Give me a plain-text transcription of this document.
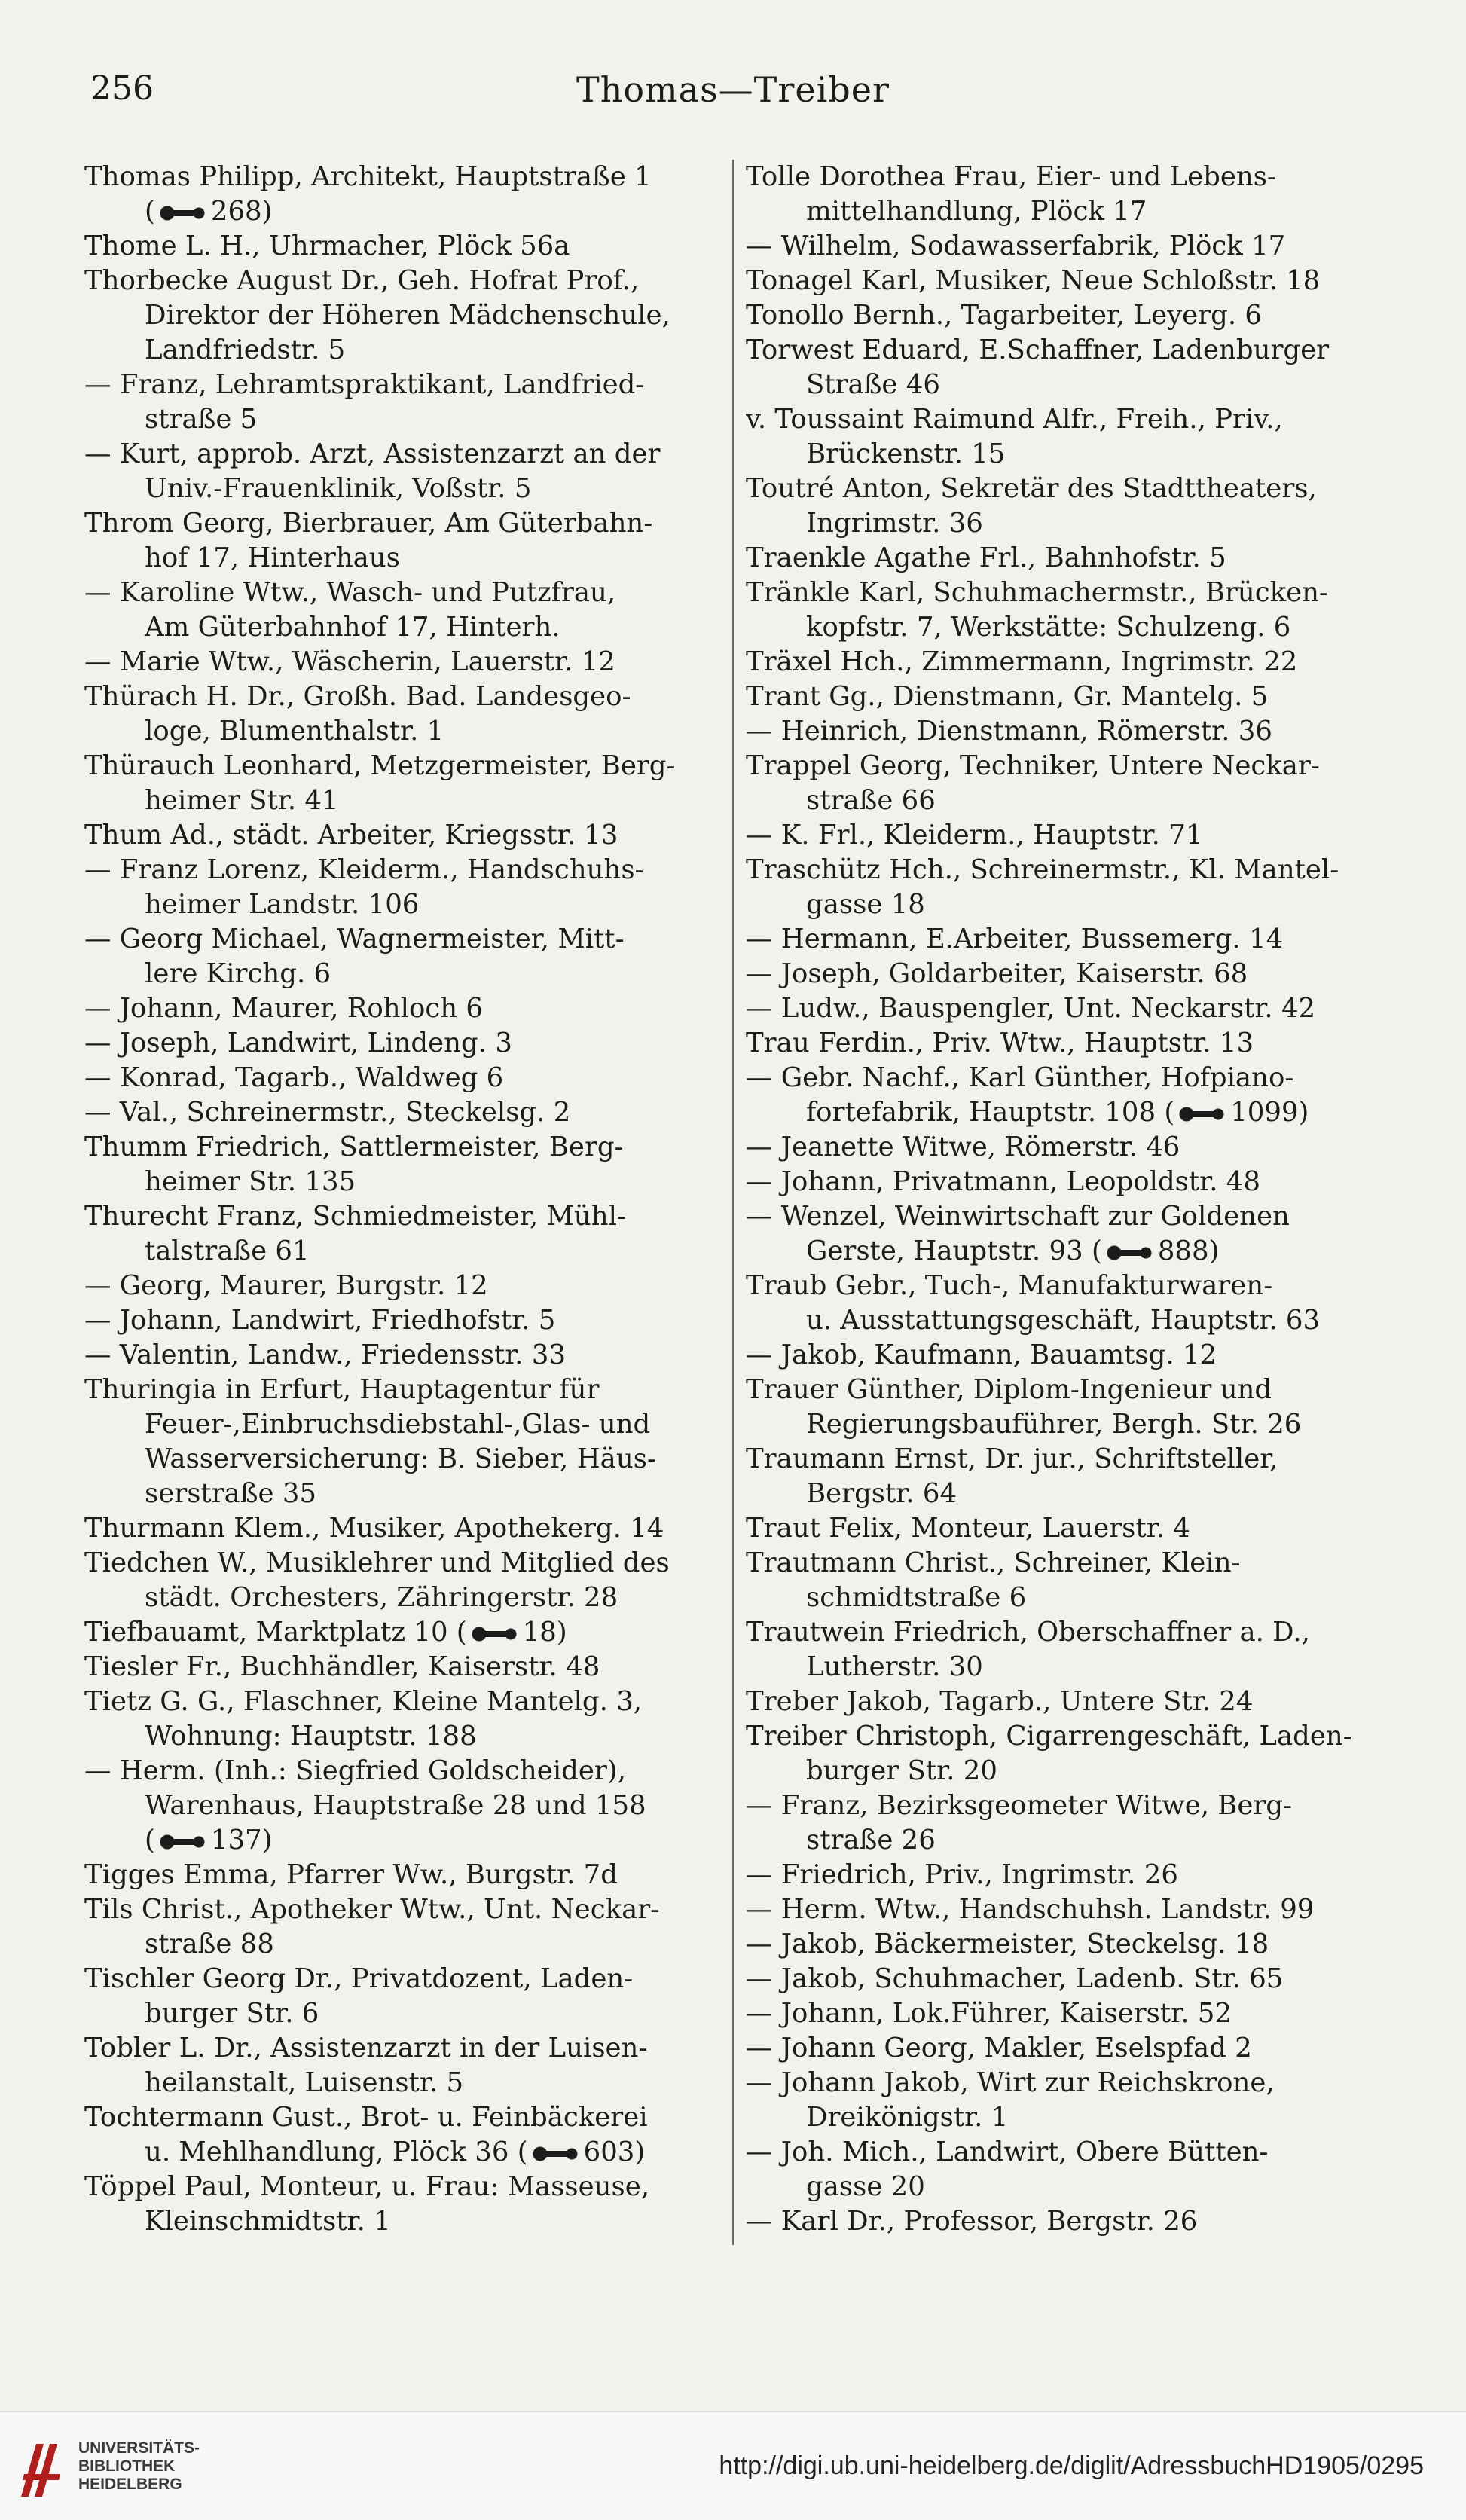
256	Thomas—Treiber
Thomas Philipp, Architekt, Hauptstraße 1
( 268)
Thome L. H., Uhrmacher, Plöck 56a
Thorbecke August Dr., Geh. Hofrat Prof.,
Direktor der Höheren Mädchenschule,
Landfriedstr. 5
— Franz, Lehramtspraktikant, Landfried-
straße 5
— Kurt, approb. Arzt, Assistenzarzt an der
Univ.-Frauenklinik, Voßstr. 5
Throm Georg, Bierbrauer, Am Güterbahn-
hof 17, Hinterhaus
— Karoline Wtw., Wasch- und Putzfrau,
Am Güterbahnhof 17, Hinterh.
— Marie Wtw., Wäscherin, Lauerstr. 12
Thürach H. Dr., Großh. Bad. Landesgeo-
loge, Blumenthalstr. 1
Thürauch Leonhard, Metzgermeister, Berg-
heimer Str. 41
Thum Ad., städt. Arbeiter, Kriegsstr. 13
— Franz Lorenz, Kleiderm., Handschuhs-
heimer Landstr. 106
— Georg Michael, Wagnermeister, Mitt-
lere Kirchg. 6
— Johann, Maurer, Rohloch 6
— Joseph, Landwirt, Lindeng. 3
— Konrad, Tagarb., Waldweg 6
— Val., Schreinermstr., Steckelsg. 2
Thumm Friedrich, Sattlermeister, Berg-
heimer Str. 135
Thurecht Franz, Schmiedmeister, Mühl-
talstraße 61
— Georg, Maurer, Burgstr. 12
— Johann, Landwirt, Friedhofstr. 5
— Valentin, Landw., Friedensstr. 33
Thuringia in Erfurt, Hauptagentur für
Feuer-,Einbruchsdiebstahl-,Glas- und
Wasserversicherung: B. Sieber, Häus-
serstraße 35
Thurmann Klem., Musiker, Apothekerg. 14
Tiedchen W., Musiklehrer und Mitglied des
städt. Orchesters, Zähringerstr. 28
Tiefbauamt, Marktplatz 10 ( 18)
Tiesler Fr., Buchhändler, Kaiserstr. 48
Tietz G. G., Flaschner, Kleine Mantelg. 3,
Wohnung: Hauptstr. 188
— Herm. (Inh.: Siegfried Goldscheider),
Warenhaus, Hauptstraße 28 und 158
( 137)
Tigges Emma, Pfarrer Ww., Burgstr. 7d
Tils Christ., Apotheker Wtw., Unt. Neckar-
straße 88
Tischler Georg Dr., Privatdozent, Laden-
burger Str. 6
Tobler L. Dr., Assistenzarzt in der Luisen-
heilanstalt, Luisenstr. 5
Tochtermann Gust., Brot- u. Feinbäckerei
u. Mehlhandlung, Plöck 36 ( 603)
Töppel Paul, Monteur, u. Frau: Masseuse,
Kleinschmidtstr. 1
Tolle Dorothea Frau, Eier- und Lebens-
mittelhandlung, Plöck 17
— Wilhelm, Sodawasserfabrik, Plöck 17
Tonagel Karl, Musiker, Neue Schloßstr. 18
Tonollo Bernh., Tagarbeiter, Leyerg. 6
Torwest Eduard, E.Schaffner, Ladenburger
Straße 46
v. Toussaint Raimund Alfr., Freih., Priv.,
Brückenstr. 15
Toutré Anton, Sekretär des Stadttheaters,
Ingrimstr. 36
Traenkle Agathe Frl., Bahnhofstr. 5
Tränkle Karl, Schuhmachermstr., Brücken-
kopfstr. 7, Werkstätte: Schulzeng. 6
Träxel Hch., Zimmermann, Ingrimstr. 22
Trant Gg., Dienstmann, Gr. Mantelg. 5
— Heinrich, Dienstmann, Römerstr. 36
Trappel Georg, Techniker, Untere Neckar-
straße 66
— K. Frl., Kleiderm., Hauptstr. 71
Traschütz Hch., Schreinermstr., Kl. Mantel-
gasse 18
— Hermann, E.Arbeiter, Bussemerg. 14
— Joseph, Goldarbeiter, Kaiserstr. 68
— Ludw., Bauspengler, Unt. Neckarstr. 42
Trau Ferdin., Priv. Wtw., Hauptstr. 13
— Gebr. Nachf., Karl Günther, Hofpiano-
fortefabrik, Hauptstr. 108 ( 1099)
— Jeanette Witwe, Römerstr. 46
— Johann, Privatmann, Leopoldstr. 48
— Wenzel, Weinwirtschaft zur Goldenen
Gerste, Hauptstr. 93 ( 888)
Traub Gebr., Tuch-, Manufakturwaren-
u. Ausstattungsgeschäft, Hauptstr. 63
— Jakob, Kaufmann, Bauamtsg. 12
Trauer Günther, Diplom-Ingenieur und
Regierungsbauführer, Bergh. Str. 26
Traumann Ernst, Dr. jur., Schriftsteller,
Bergstr. 64
Traut Felix, Monteur, Lauerstr. 4
Trautmann Christ., Schreiner, Klein-
schmidtstraße 6
Trautwein Friedrich, Oberschaffner a. D.,
Lutherstr. 30
Treber Jakob, Tagarb., Untere Str. 24
Treiber Christoph, Cigarrengeschäft, Laden-
burger Str. 20
— Franz, Bezirksgeometer Witwe, Berg-
straße 26
— Friedrich, Priv., Ingrimstr. 26
— Herm. Wtw., Handschuhsh. Landstr. 99
— Jakob, Bäckermeister, Steckelsg. 18
— Jakob, Schuhmacher, Ladenb. Str. 65
— Johann, Lok.Führer, Kaiserstr. 52
— Johann Georg, Makler, Eselspfad 2
— Johann Jakob, Wirt zur Reichskrone,
Dreikönigstr. 1
— Joh. Mich., Landwirt, Obere Bütten-
gasse 20
— Karl Dr., Professor, Bergstr. 26
UNIVERSITÄTS-
BIBLIOTHEK
HEIDELBERG
http://digi.ub.uni-heidelberg.de/diglit/AdressbuchHD1905/0295
